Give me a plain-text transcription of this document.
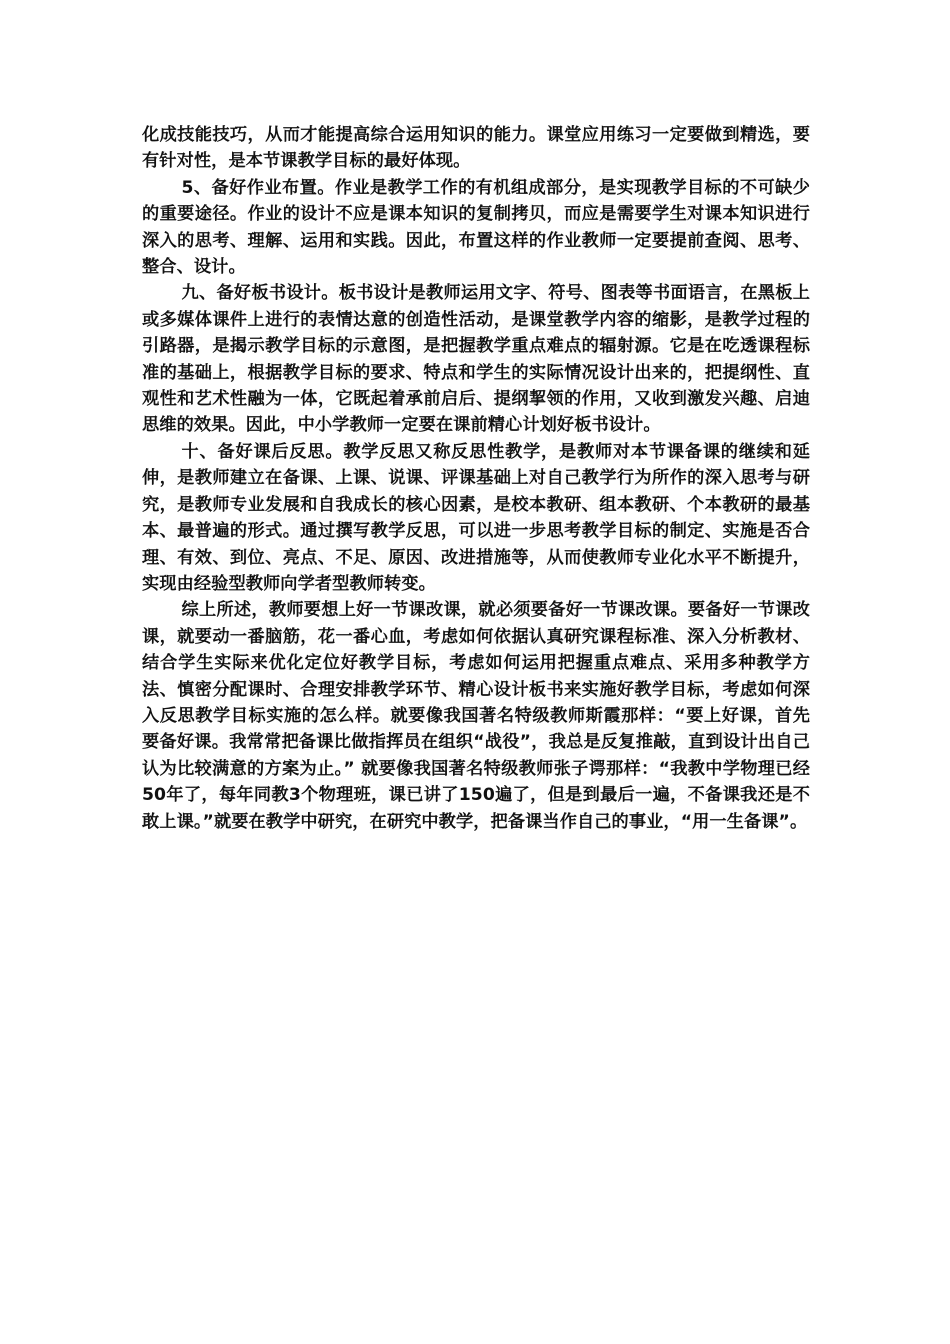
化成技能技巧，从而才能提高综合运用知识的能力。课堂应用练习一定要做到精选，要有针对性，是本节课教学目标的最好体现。

5、备好作业布置。作业是教学工作的有机组成部分，是实现教学目标的不可缺少的重要途径。作业的设计不应是课本知识的复制拷贝，而应是需要学生对课本知识进行深入的思考、理解、运用和实践。因此，布置这样的作业教师一定要提前查阅、思考、整合、设计。

九、备好板书设计。板书设计是教师运用文字、符号、图表等书面语言，在黑板上或多媒体课件上进行的表情达意的创造性活动，是课堂教学内容的缩影，是教学过程的引路器，是揭示教学目标的示意图，是把握教学重点难点的辐射源。它是在吃透课程标准的基础上，根据教学目标的要求、特点和学生的实际情况设计出来的，把提纲性、直观性和艺术性融为一体，它既起着承前启后、提纲挈领的作用，又收到激发兴趣、启迪思维的效果。因此，中小学教师一定要在课前精心计划好板书设计。

十、备好课后反思。教学反思又称反思性教学，是教师对本节课备课的继续和延伸，是教师建立在备课、上课、说课、评课基础上对自己教学行为所作的深入思考与研究，是教师专业发展和自我成长的核心因素，是校本教研、组本教研、个本教研的最基本、最普遍的形式。通过撰写教学反思，可以进一步思考教学目标的制定、实施是否合理、有效、到位、亮点、不足、原因、改进措施等，从而使教师专业化水平不断提升，实现由经验型教师向学者型教师转变。

综上所述，教师要想上好一节课改课，就必须要备好一节课改课。要备好一节课改课，就要动一番脑筋，花一番心血，考虑如何依据认真研究课程标准、深入分析教材、结合学生实际来优化定位好教学目标，考虑如何运用把握重点难点、采用多种教学方法、慎密分配课时、合理安排教学环节、精心设计板书来实施好教学目标，考虑如何深入反思教学目标实施的怎么样。就要像我国著名特级教师斯霞那样：“要上好课，首先要备好课。我常常把备课比做指挥员在组织“战役”，我总是反复推敲，直到设计出自己认为比较满意的方案为止。” 就要像我国著名特级教师张子谔那样：“我教中学物理已经50年了，每年同教3个物理班，课已讲了150遍了，但是到最后一遍，不备课我还是不敢上课。”就要在教学中研究，在研究中教学，把备课当作自己的事业，“用一生备课”。
